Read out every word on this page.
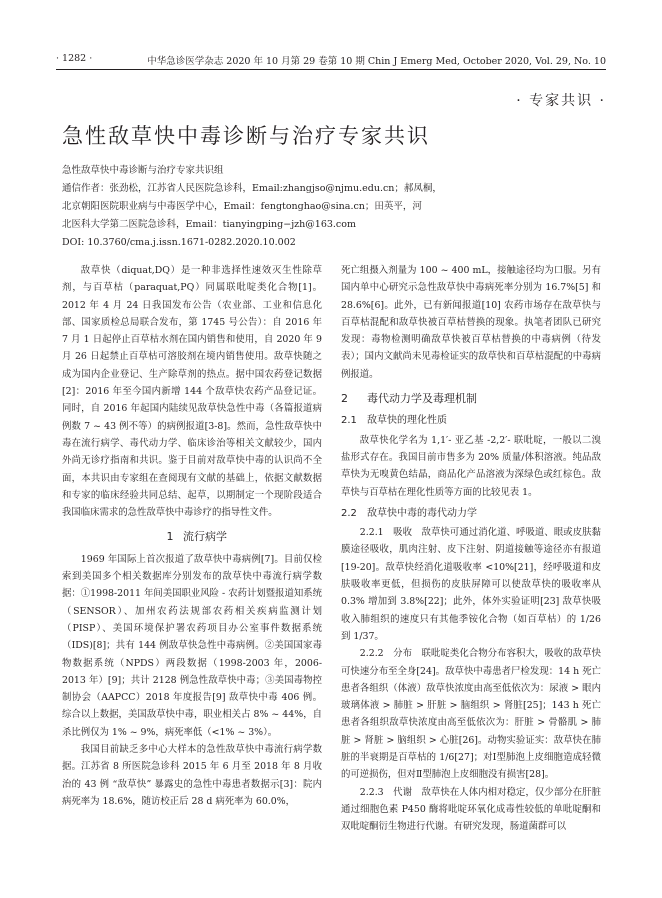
· 1282 ·	中华急诊医学杂志 2020 年 10 月第 29 卷第 10 期 Chin J Emerg Med, October 2020, Vol. 29, No. 10
· 专家共识 ·
急性敌草快中毒诊断与治疗专家共识
急性敌草快中毒诊断与治疗专家共识组
通信作者：张劲松，江苏省人民医院急诊科，Email:zhangjso@njmu.edu.cn；郝凤桐，
北京朝阳医院职业病与中毒医学中心，Email：fengtonghao@sina.cn；田英平，河
北医科大学第二医院急诊科，Email：tianyingping−jzh@163.com
DOI: 10.3760/cma.j.issn.1671-0282.2020.10.002

敌草快（diquat,DQ）是一种非选择性速效灭生性除草剂，与百草枯（paraquat,PQ）同属联吡啶类化合物[1]。2012 年 4 月 24 日我国发布公告（农业部、工业和信息化部、国家质检总局联合发布，第 1745 号公告）：自 2016 年 7 月 1 日起停止百草枯水剂在国内销售和使用，自 2020 年 9 月 26 日起禁止百草枯可溶胶剂在境内销售使用。敌草快随之成为国内企业登记、生产除草剂的热点。据中国农药登记数据[2]：2016 年至今国内新增 144 个敌草快农药产品登记证。同时，自 2016 年起国内陆续见敌草快急性中毒（各篇报道病例数 7 ~ 43 例不等）的病例报道[3-8]。然而，急性敌草快中毒在流行病学、毒代动力学、临床诊治等相关文献较少，国内外尚无诊疗指南和共识。鉴于目前对敌草快中毒的认识尚不全面，本共识由专家组在查阅现有文献的基础上，依据文献数据和专家的临床经验共同总结、起草，以期制定一个现阶段适合我国临床需求的急性敌草快中毒诊疗的指导性文件。

1 流行病学

1969 年国际上首次报道了敌草快中毒病例[7]。目前仅检索到美国多个相关数据库分别发布的敌草快中毒流行病学数据：①1998-2011 年间美国职业风险 - 农药计划暨报道知系统（SENSOR）、加州农药法规部农药相关疾病监测计划（PISP）、美国环境保护署农药项目办公室事件数据系统（IDS)[8]；共有 144 例敌草快急性中毒病例。②美国国家毒物数据系统（NPDS）两段数据（1998-2003 年，2006-2013 年）[9]；共计 2128 例急性敌草快中毒；③美国毒物控制协会（AAPCC）2018 年度报告[9] 敌草快中毒 406 例。综合以上数据，美国敌草快中毒，职业相关占 8% ~ 44%，自杀比例仅为 1% ~ 9%，病死率低（<1% ~ 3%）。

我国目前缺乏多中心大样本的急性敌草快中毒流行病学数据。江苏省 8 所医院急诊科 2015 年 6 月至 2018 年 8 月收治的 43 例 “敌草快” 暴露史的急性中毒患者数据示[3]：院内病死率为 18.6%，随访校正后 28 d 病死率为 60.0%，

死亡组摄入剂量为 100 ~ 400 mL，接触途径均为口服。另有国内单中心研究示急性敌草快中毒病死率分别为 16.7%[5] 和 28.6%[6]。此外，已有新闻报道[10] 农药市场存在敌草快与百草枯混配和敌草快被百草枯替换的现象。执笔者团队已研究发现：毒物检测明确敌草快被百草枯替换的中毒病例（待发表）；国内文献尚未见毒检证实的敌草快和百草枯混配的中毒病例报道。

2 毒代动力学及毒理机制
2.1 敌草快的理化性质

敌草快化学名为 1,1′- 亚乙基 -2,2′- 联吡啶，一般以二溴盐形式存在。我国目前市售多为 20% 质量/体积溶液。纯品敌草快为无嗅黄色结晶，商品化产品溶液为深绿色或红棕色。敌草快与百草枯在理化性质等方面的比较见表 1。

2.2 敌草快中毒的毒代动力学

2.2.1　吸收　敌草快可通过消化道、呼吸道、眼或皮肤黏膜途径吸收，肌肉注射、皮下注射、阴道接触等途径亦有报道[19-20]。敌草快经消化道吸收率 <10%[21]，经呼吸道和皮肤吸收率更低，但损伤的皮肤屏障可以使敌草快的吸收率从 0.3% 增加到 3.8%[22]；此外，体外实验证明[23] 敌草快吸收入肺组织的速度只有其他季铵化合物（如百草枯）的 1/26 到 1/37。

2.2.2　分布　联吡啶类化合物分布容积大，吸收的敌草快可快速分布至全身[24]。敌草快中毒患者尸检发现：14 h 死亡患者各组织（体液）敌草快浓度由高至低依次为：尿液 > 眼内玻璃体液 > 肺脏 > 肝脏 > 脑组织 > 肾脏[25]；143 h 死亡患者各组织敌草快浓度由高至低依次为：肝脏 > 骨骼肌 > 肺脏 > 肾脏 > 脑组织 > 心脏[26]。动物实验证实：敌草快在肺脏的半衰期是百草枯的 1/6[27]；对Ⅰ型肺泡上皮细胞造成轻微的可逆损伤，但对Ⅱ型肺泡上皮细胞没有损害[28]。

2.2.3　代谢　敌草快在人体内相对稳定，仅少部分在肝脏通过细胞色素 P450 酶将吡啶环氧化成毒性较低的单吡啶酮和双吡啶酮衍生物进行代谢。有研究发现，肠道菌群可以
